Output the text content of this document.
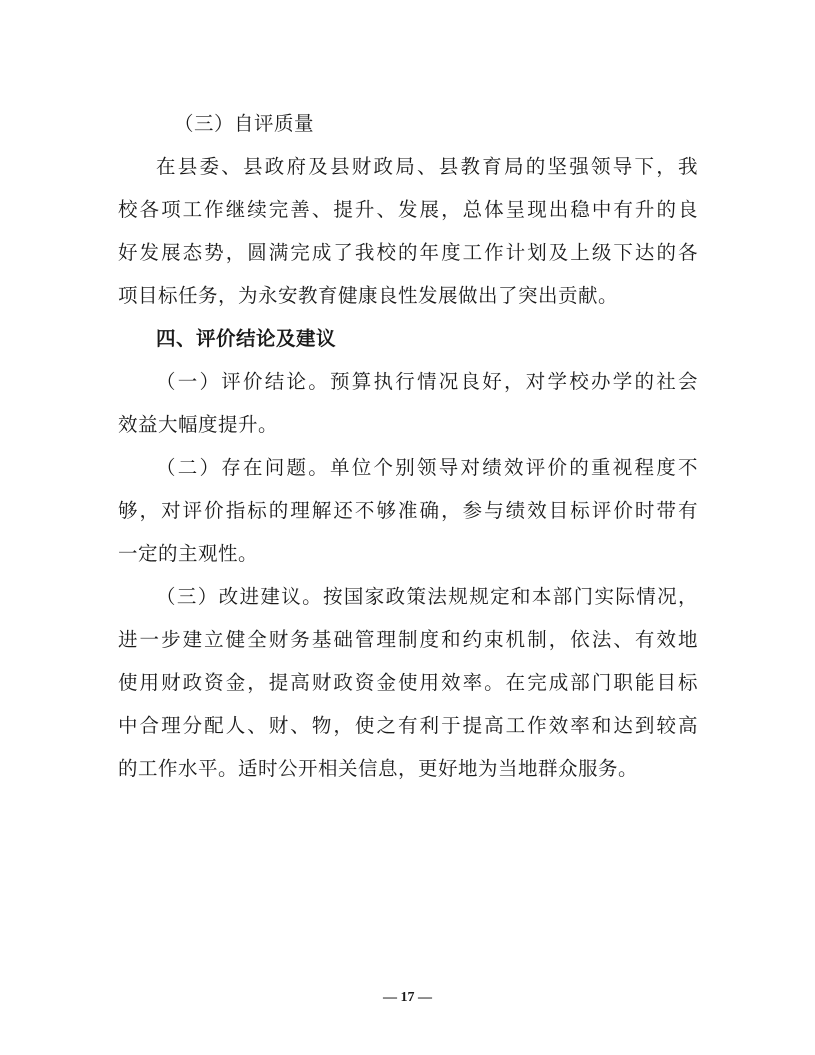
（三）自评质量
在县委、县政府及县财政局、县教育局的坚强领导下，我
校各项工作继续完善、提升、发展，总体呈现出稳中有升的良
好发展态势，圆满完成了我校的年度工作计划及上级下达的各
项目标任务，为永安教育健康良性发展做出了突出贡献。
四、评价结论及建议
（一）评价结论。预算执行情况良好，对学校办学的社会
效益大幅度提升。
（二）存在问题。单位个别领导对绩效评价的重视程度不
够，对评价指标的理解还不够准确，参与绩效目标评价时带有
一定的主观性。
（三）改进建议。按国家政策法规规定和本部门实际情况，
进一步建立健全财务基础管理制度和约束机制，依法、有效地
使用财政资金，提高财政资金使用效率。在完成部门职能目标
中合理分配人、财、物，使之有利于提高工作效率和达到较高
的工作水平。适时公开相关信息，更好地为当地群众服务。
— 17 —
